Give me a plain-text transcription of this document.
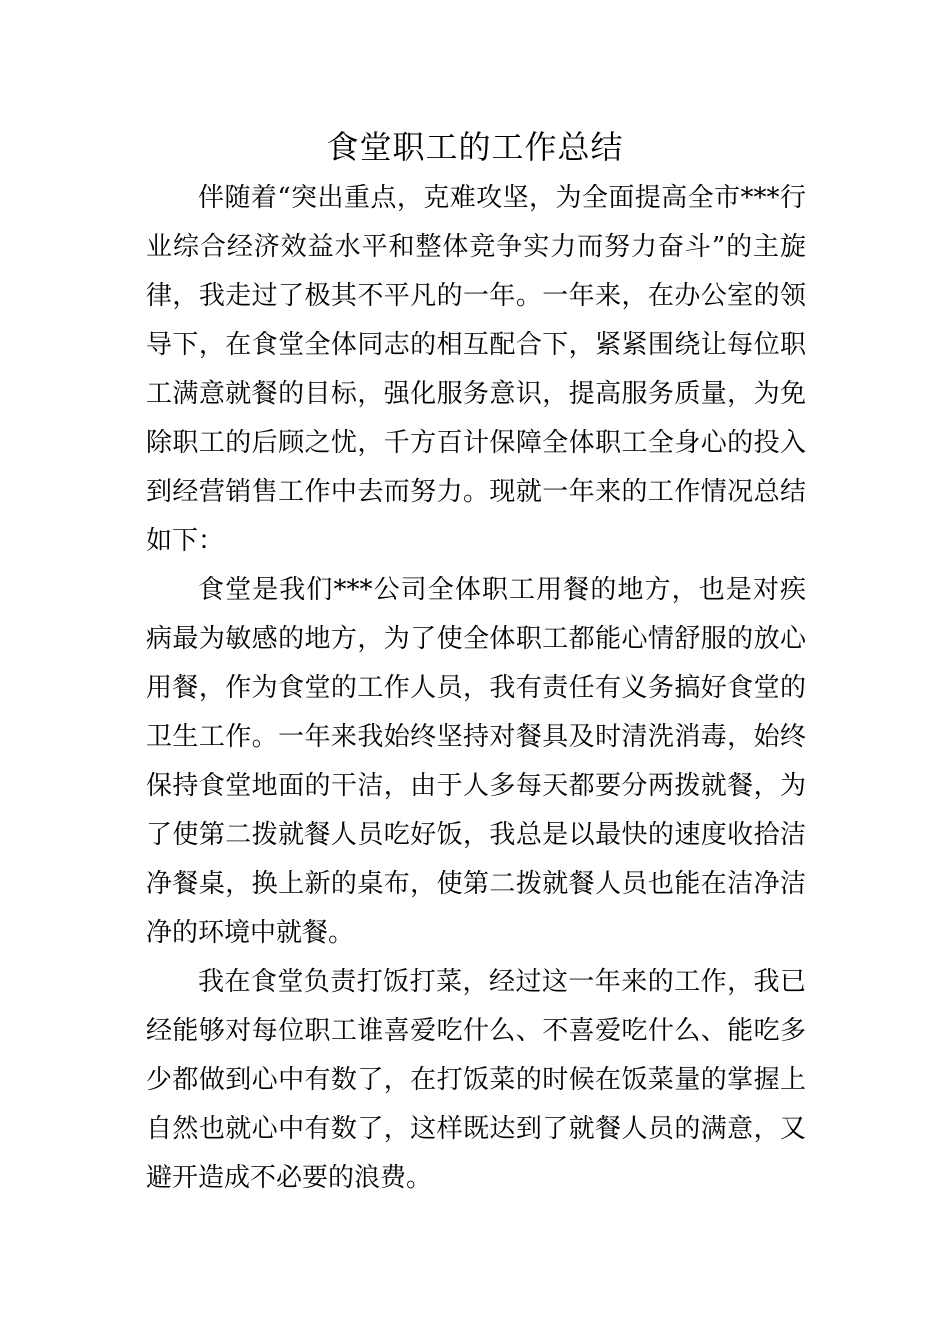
食堂职工的工作总结

伴随着“突出重点，克难攻坚，为全面提高全市***行业综合经济效益水平和整体竞争实力而努力奋斗”的主旋律，我走过了极其不平凡的一年。一年来，在办公室的领导下，在食堂全体同志的相互配合下，紧紧围绕让每位职工满意就餐的目标，强化服务意识，提高服务质量，为免除职工的后顾之忧，千方百计保障全体职工全身心的投入到经营销售工作中去而努力。现就一年来的工作情况总结如下：

食堂是我们***公司全体职工用餐的地方，也是对疾病最为敏感的地方，为了使全体职工都能心情舒服的放心用餐，作为食堂的工作人员，我有责任有义务搞好食堂的卫生工作。一年来我始终坚持对餐具及时清洗消毒，始终保持食堂地面的干洁，由于人多每天都要分两拨就餐，为了使第二拨就餐人员吃好饭，我总是以最快的速度收拾洁净餐桌，换上新的桌布，使第二拨就餐人员也能在洁净洁净的环境中就餐。

我在食堂负责打饭打菜，经过这一年来的工作，我已经能够对每位职工谁喜爱吃什么、不喜爱吃什么、能吃多少都做到心中有数了，在打饭菜的时候在饭菜量的掌握上自然也就心中有数了，这样既达到了就餐人员的满意，又避开造成不必要的浪费。
